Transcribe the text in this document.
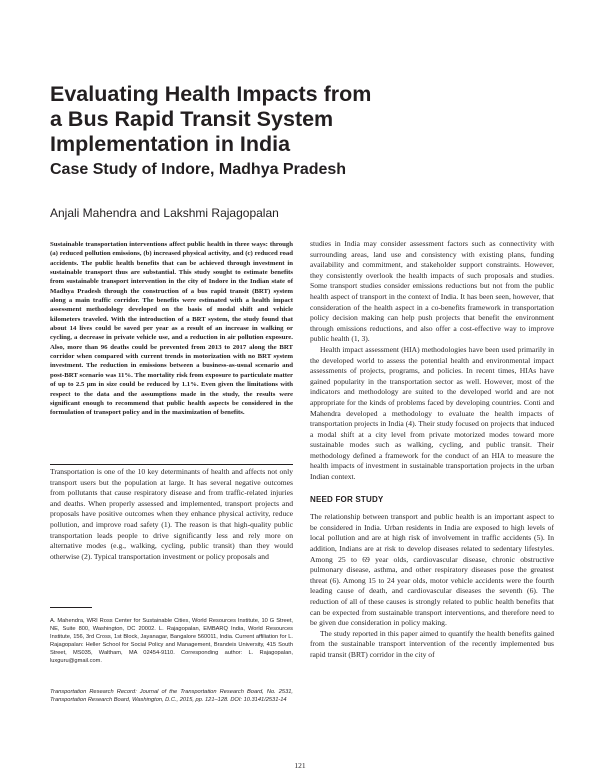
Evaluating Health Impacts from
a Bus Rapid Transit System
Implementation in India
Case Study of Indore, Madhya Pradesh
Anjali Mahendra and Lakshmi Rajagopalan

Sustainable transportation interventions affect public health in three ways: through (a) reduced pollution emissions, (b) increased physical activity, and (c) reduced road accidents. The public health benefits that can be achieved through investment in sustainable transport thus are substantial. This study sought to estimate benefits from sustainable transport intervention in the city of Indore in the Indian state of Madhya Pradesh through the construction of a bus rapid transit (BRT) system along a main traffic corridor. The benefits were estimated with a health impact assessment methodology developed on the basis of modal shift and vehicle kilometers traveled. With the introduction of a BRT system, the study found that about 14 lives could be saved per year as a result of an increase in walking or cycling, a decrease in private vehicle use, and a reduction in air pollution exposure. Also, more than 96 deaths could be prevented from 2013 to 2017 along the BRT corridor when compared with current trends in motorization with no BRT system investment. The reduction in emissions between a business-as-usual scenario and post-BRT scenario was 11%. The mortality risk from exposure to particulate matter of up to 2.5 μm in size could be reduced by 1.1%. Even given the limitations with respect to the data and the assumptions made in the study, the results were significant enough to recommend that public health aspects be considered in the formulation of transport policy and in the maximization of benefits.

Transportation is one of the 10 key determinants of health and affects not only transport users but the population at large. It has several negative outcomes from pollutants that cause respiratory disease and from traffic-related injuries and deaths. When properly assessed and implemented, transport projects and proposals have positive outcomes when they enhance physical activity, reduce pollution, and improve road safety (1). The reason is that high-quality public transportation leads people to drive significantly less and rely more on alternative modes (e.g., walking, cycling, public transit) than they would otherwise (2). Typical transportation investment or policy proposals and

A. Mahendra, WRI Ross Center for Sustainable Cities, World Resources Institute, 10 G Street, NE, Suite 800, Washington, DC 20002. L. Rajagopalan, EMBARQ India, World Resources Institute, 156, 3rd Cross, 1st Block, Jayanagar, Bangalore 560011, India. Current affiliation for L. Rajagopalan: Heller School for Social Policy and Management, Brandeis University, 415 South Street, MS035, Waltham, MA 02454-9110. Corresponding author: L. Rajagopalan, luxguru@gmail.com.
Transportation Research Record: Journal of the Transportation Research Board, No. 2531, Transportation Research Board, Washington, D.C., 2015, pp. 121–128. DOI: 10.3141/2531-14

studies in India may consider assessment factors such as connectivity with surrounding areas, land use and consistency with existing plans, funding availability and commitment, and stakeholder support constraints. However, they consistently overlook the health impacts of such proposals and studies. Some transport studies consider emissions reductions but not from the public health aspect of transport in the context of India. It has been seen, however, that consideration of the health aspect in a co-benefits framework in transportation policy decision making can help push projects that benefit the environment through emissions reductions, and also offer a cost-effective way to improve public health (1, 3).

Health impact assessment (HIA) methodologies have been used primarily in the developed world to assess the potential health and environmental impact assessments of projects, programs, and policies. In recent times, HIAs have gained popularity in the transportation sector as well. However, most of the indicators and methodology are suited to the developed world and are not appropriate for the kinds of problems faced by developing countries. Conti and Mahendra developed a methodology to evaluate the health impacts of transportation projects in India (4). Their study focused on projects that induced a modal shift at a city level from private motorized modes toward more sustainable modes such as walking, cycling, and public transit. Their methodology defined a framework for the conduct of an HIA to measure the health impacts of investment in sustainable transportation projects in the urban Indian context.

NEED FOR STUDY

The relationship between transport and public health is an important aspect to be considered in India. Urban residents in India are exposed to high levels of local pollution and are at high risk of involvement in traffic accidents (5). In addition, Indians are at risk to develop diseases related to sedentary lifestyles. Among 25 to 69 year olds, cardiovascular disease, chronic obstructive pulmonary disease, asthma, and other respiratory diseases pose the greatest threat (6). Among 15 to 24 year olds, motor vehicle accidents were the fourth leading cause of death, and cardiovascular diseases the seventh (6). The reduction of all of these causes is strongly related to public health benefits that can be expected from sustainable transport interventions, and therefore need to be given due consideration in policy making.

The study reported in this paper aimed to quantify the health benefits gained from the sustainable transport intervention of the recently implemented bus rapid transit (BRT) corridor in the city of

121
